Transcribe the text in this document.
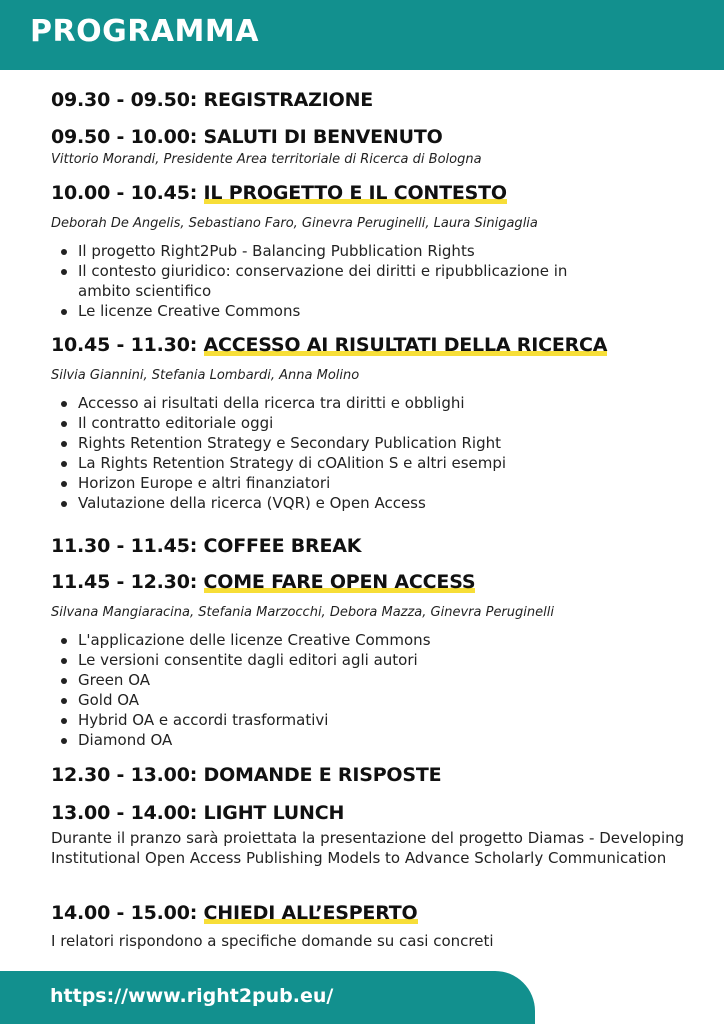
PROGRAMMA
09.30 - 09.50: REGISTRAZIONE
09.50 - 10.00: SALUTI DI BENVENUTO
Vittorio Morandi, Presidente Area territoriale di Ricerca di Bologna
10.00 - 10.45: IL PROGETTO E IL CONTESTO
Deborah De Angelis, Sebastiano Faro, Ginevra Peruginelli, Laura Sinigaglia
Il progetto Right2Pub - Balancing Pubblication Rights
Il contesto giuridico: conservazione dei diritti e ripubblicazione in ambito scientifico
Le licenze Creative Commons
10.45 - 11.30: ACCESSO AI RISULTATI DELLA RICERCA
Silvia Giannini, Stefania Lombardi, Anna Molino
Accesso ai risultati della ricerca tra diritti e obblighi
Il contratto editoriale oggi
Rights Retention Strategy e Secondary Publication Right
La Rights Retention Strategy di cOAlition S e altri esempi
Horizon Europe e altri finanziatori
Valutazione della ricerca (VQR) e Open Access
11.30 - 11.45: COFFEE BREAK
11.45 - 12.30: COME FARE OPEN ACCESS
Silvana Mangiaracina, Stefania Marzocchi, Debora Mazza, Ginevra Peruginelli
L'applicazione delle licenze Creative Commons
Le versioni consentite dagli editori agli autori
Green OA
Gold OA
Hybrid OA e accordi trasformativi
Diamond OA
12.30 - 13.00: DOMANDE E RISPOSTE
13.00 - 14.00: LIGHT LUNCH
Durante il pranzo sarà proiettata la presentazione del progetto Diamas - Developing Institutional Open Access Publishing Models to Advance Scholarly Communication
14.00 - 15.00: CHIEDI ALL’ESPERTO
I relatori rispondono a specifiche domande su casi concreti
https://www.right2pub.eu/
